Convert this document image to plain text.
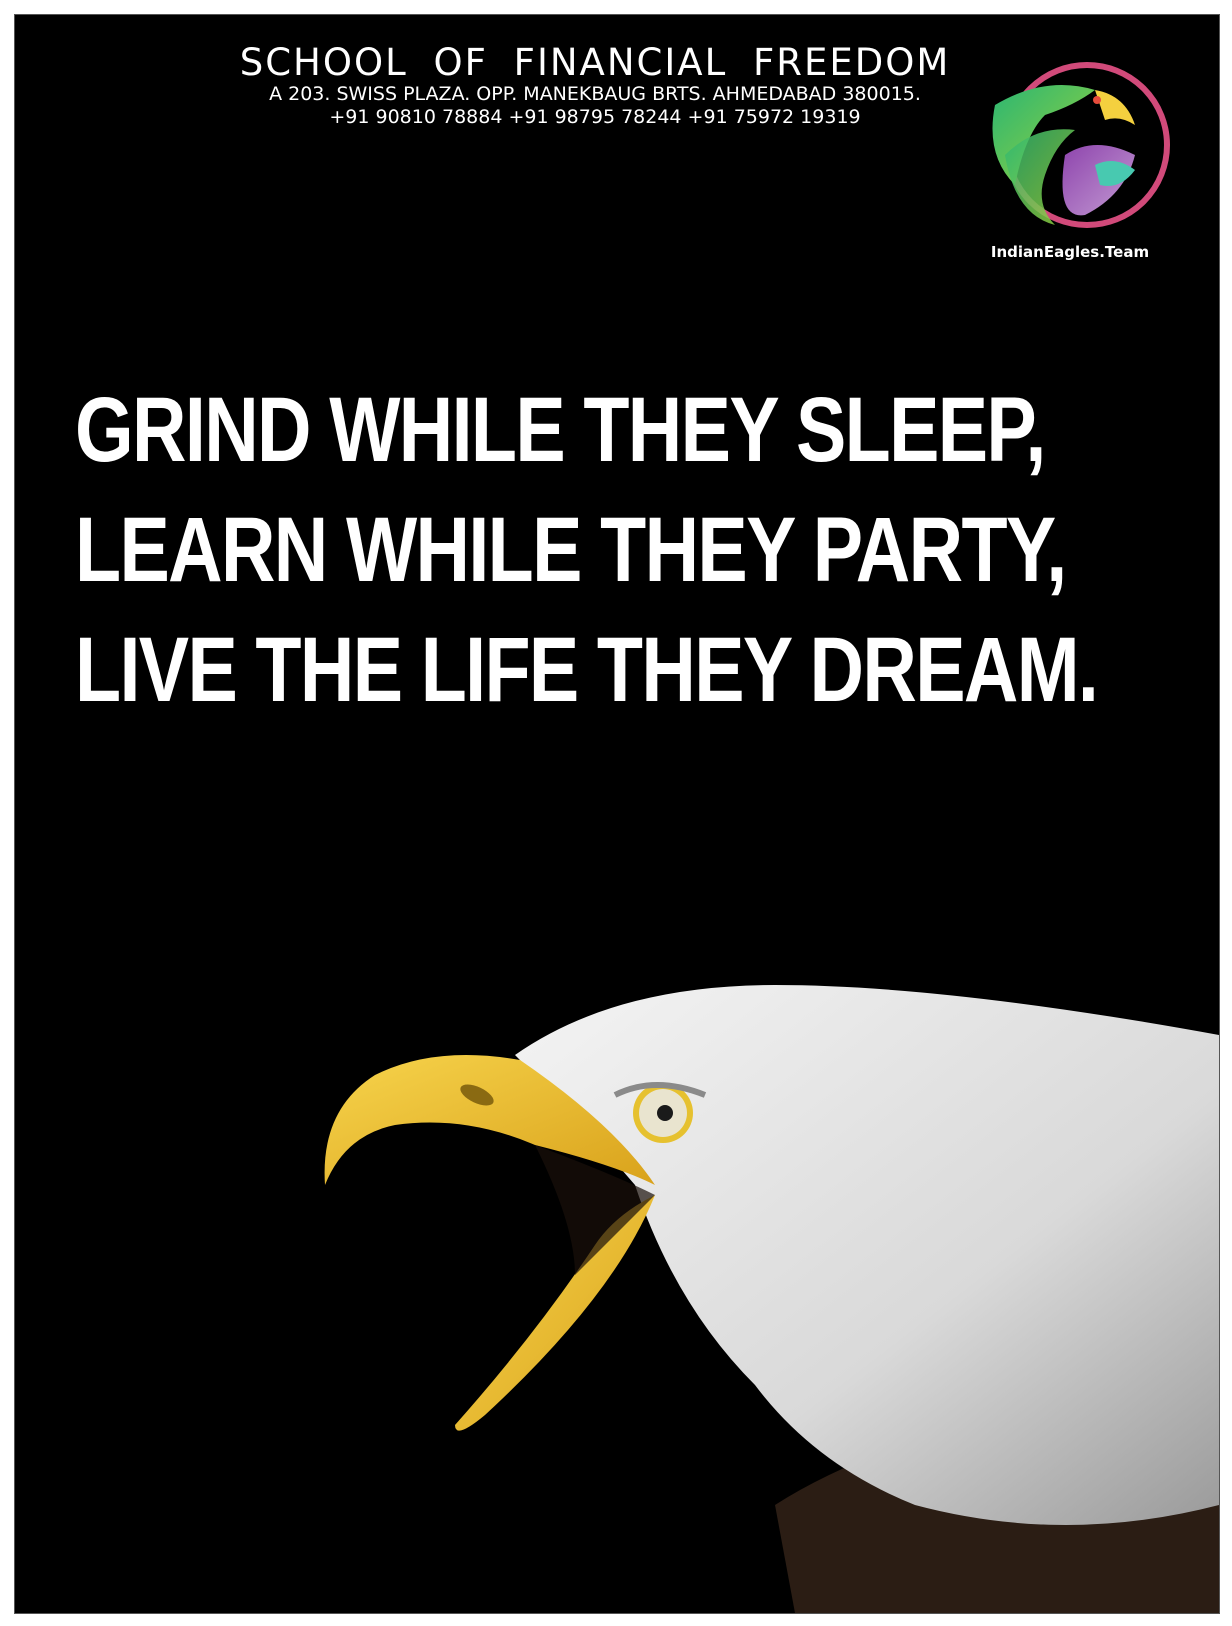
SCHOOL OF FINANCIAL FREEDOM
A 203. SWISS PLAZA. OPP. MANEKBAUG BRTS. AHMEDABAD 380015.
+91 90810 78884 +91 98795 78244 +91 75972 19319
IndianEagles.Team
GRIND WHILE THEY SLEEP,
LEARN WHILE THEY PARTY,
LIVE THE LIFE THEY DREAM.
